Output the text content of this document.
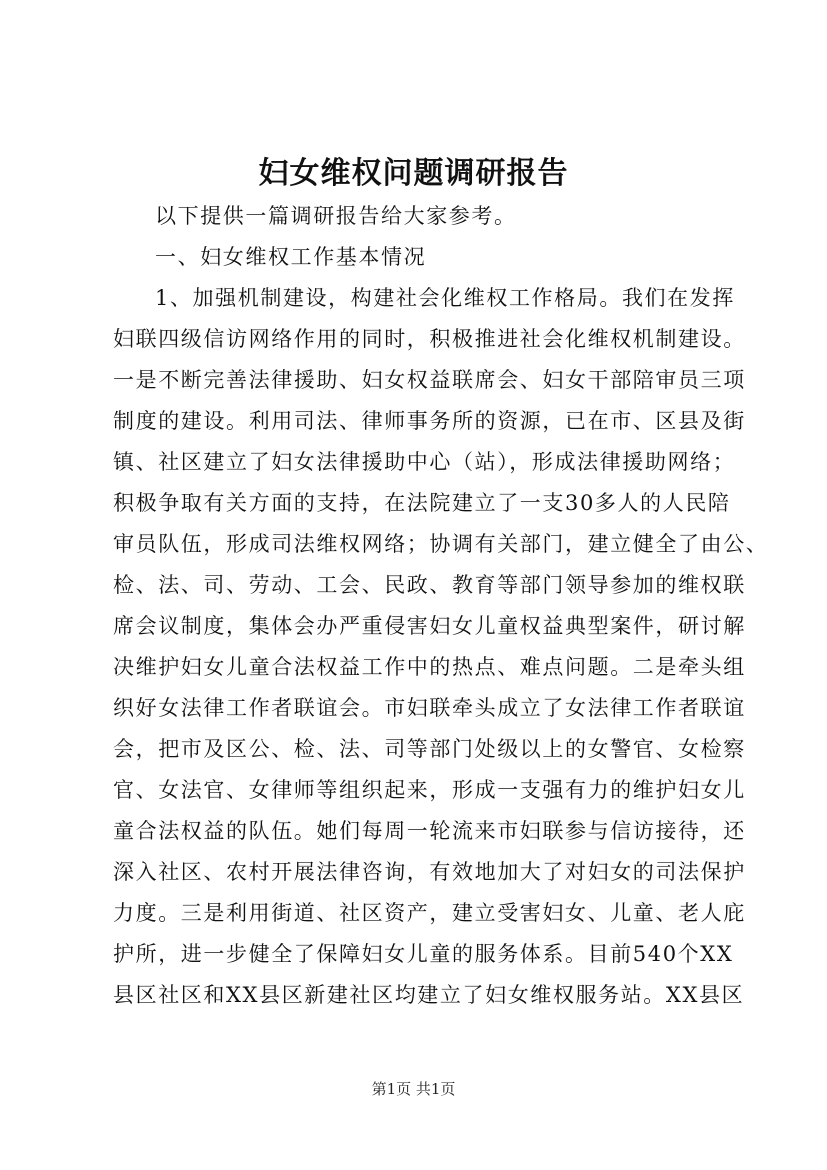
妇女维权问题调研报告
以下提供一篇调研报告给大家参考。
一、妇女维权工作基本情况
1、加强机制建设，构建社会化维权工作格局。我们在发挥
妇联四级信访网络作用的同时，积极推进社会化维权机制建设。
一是不断完善法律援助、妇女权益联席会、妇女干部陪审员三项
制度的建设。利用司法、律师事务所的资源，已在市、区县及街
镇、社区建立了妇女法律援助中心（站），形成法律援助网络；
积极争取有关方面的支持，在法院建立了一支30多人的人民陪
审员队伍，形成司法维权网络；协调有关部门，建立健全了由公、
检、法、司、劳动、工会、民政、教育等部门领导参加的维权联
席会议制度，集体会办严重侵害妇女儿童权益典型案件，研讨解
决维护妇女儿童合法权益工作中的热点、难点问题。二是牵头组
织好女法律工作者联谊会。市妇联牵头成立了女法律工作者联谊
会，把市及区公、检、法、司等部门处级以上的女警官、女检察
官、女法官、女律师等组织起来，形成一支强有力的维护妇女儿
童合法权益的队伍。她们每周一轮流来市妇联参与信访接待，还
深入社区、农村开展法律咨询，有效地加大了对妇女的司法保护
力度。三是利用街道、社区资产，建立受害妇女、儿童、老人庇
护所，进一步健全了保障妇女儿童的服务体系。目前540个XX
县区社区和XX县区新建社区均建立了妇女维权服务站。XX县区
第1页 共1页
